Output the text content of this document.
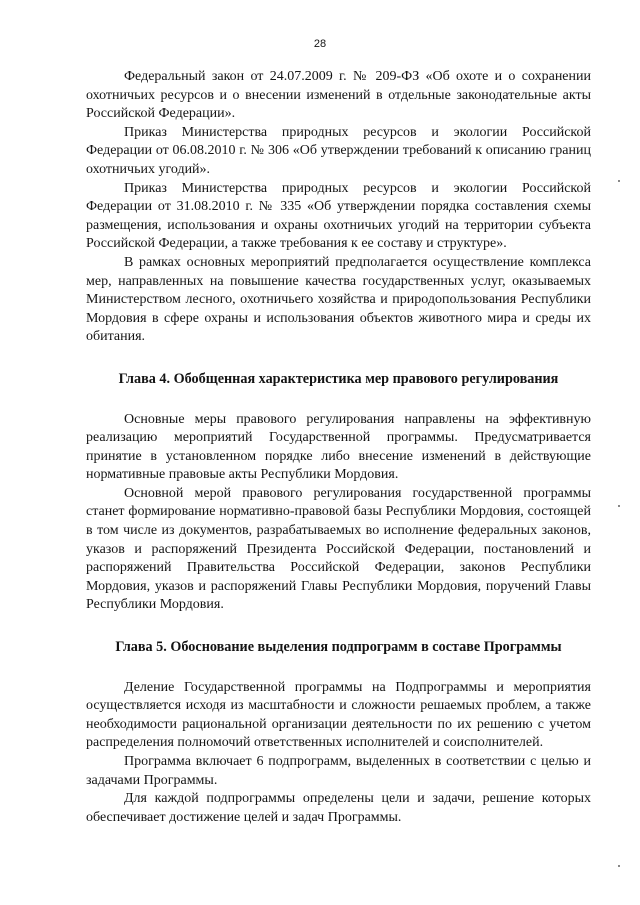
28

Федеральный закон от 24.07.2009 г. № 209-ФЗ «Об охоте и о сохранении охотничьих ресурсов и о внесении изменений в отдельные законодательные акты Российской Федерации».

Приказ Министерства природных ресурсов и экологии Российской Федерации от 06.08.2010 г. № 306 «Об утверждении требований к описанию границ охотничьих угодий».

Приказ Министерства природных ресурсов и экологии Российской Федерации от 31.08.2010 г. № 335 «Об утверждении порядка составления схемы размещения, использования и охраны охотничьих угодий на территории субъекта Российской Федерации, а также требования к ее составу и структуре».

В рамках основных мероприятий предполагается осуществление комплекса мер, направленных на повышение качества государственных услуг, оказываемых Министерством лесного, охотничьего хозяйства и природопользования Республики Мордовия в сфере охраны и использования объектов животного мира и среды их обитания.

Глава 4. Обобщенная характеристика мер правового регулирования

Основные меры правового регулирования направлены на эффективную реализацию мероприятий Государственной программы. Предусматривается принятие в установленном порядке либо внесение изменений в действующие нормативные правовые акты Республики Мордовия.

Основной мерой правового регулирования государственной программы станет формирование нормативно-правовой базы Республики Мордовия, состоящей в том числе из документов, разрабатываемых во исполнение федеральных законов, указов и распоряжений Президента Российской Федерации, постановлений и распоряжений Правительства Российской Федерации, законов Республики Мордовия, указов и распоряжений Главы Республики Мордовия, поручений Главы Республики Мордовия.

Глава 5. Обоснование выделения подпрограмм в составе Программы

Деление Государственной программы на Подпрограммы и мероприятия осуществляется исходя из масштабности и сложности решаемых проблем, а также необходимости рациональной организации деятельности по их решению с учетом распределения полномочий ответственных исполнителей и соисполнителей.

Программа включает 6 подпрограмм, выделенных в соответствии с целью и задачами Программы.

Для каждой подпрограммы определены цели и задачи, решение которых обеспечивает достижение целей и задач Программы.
